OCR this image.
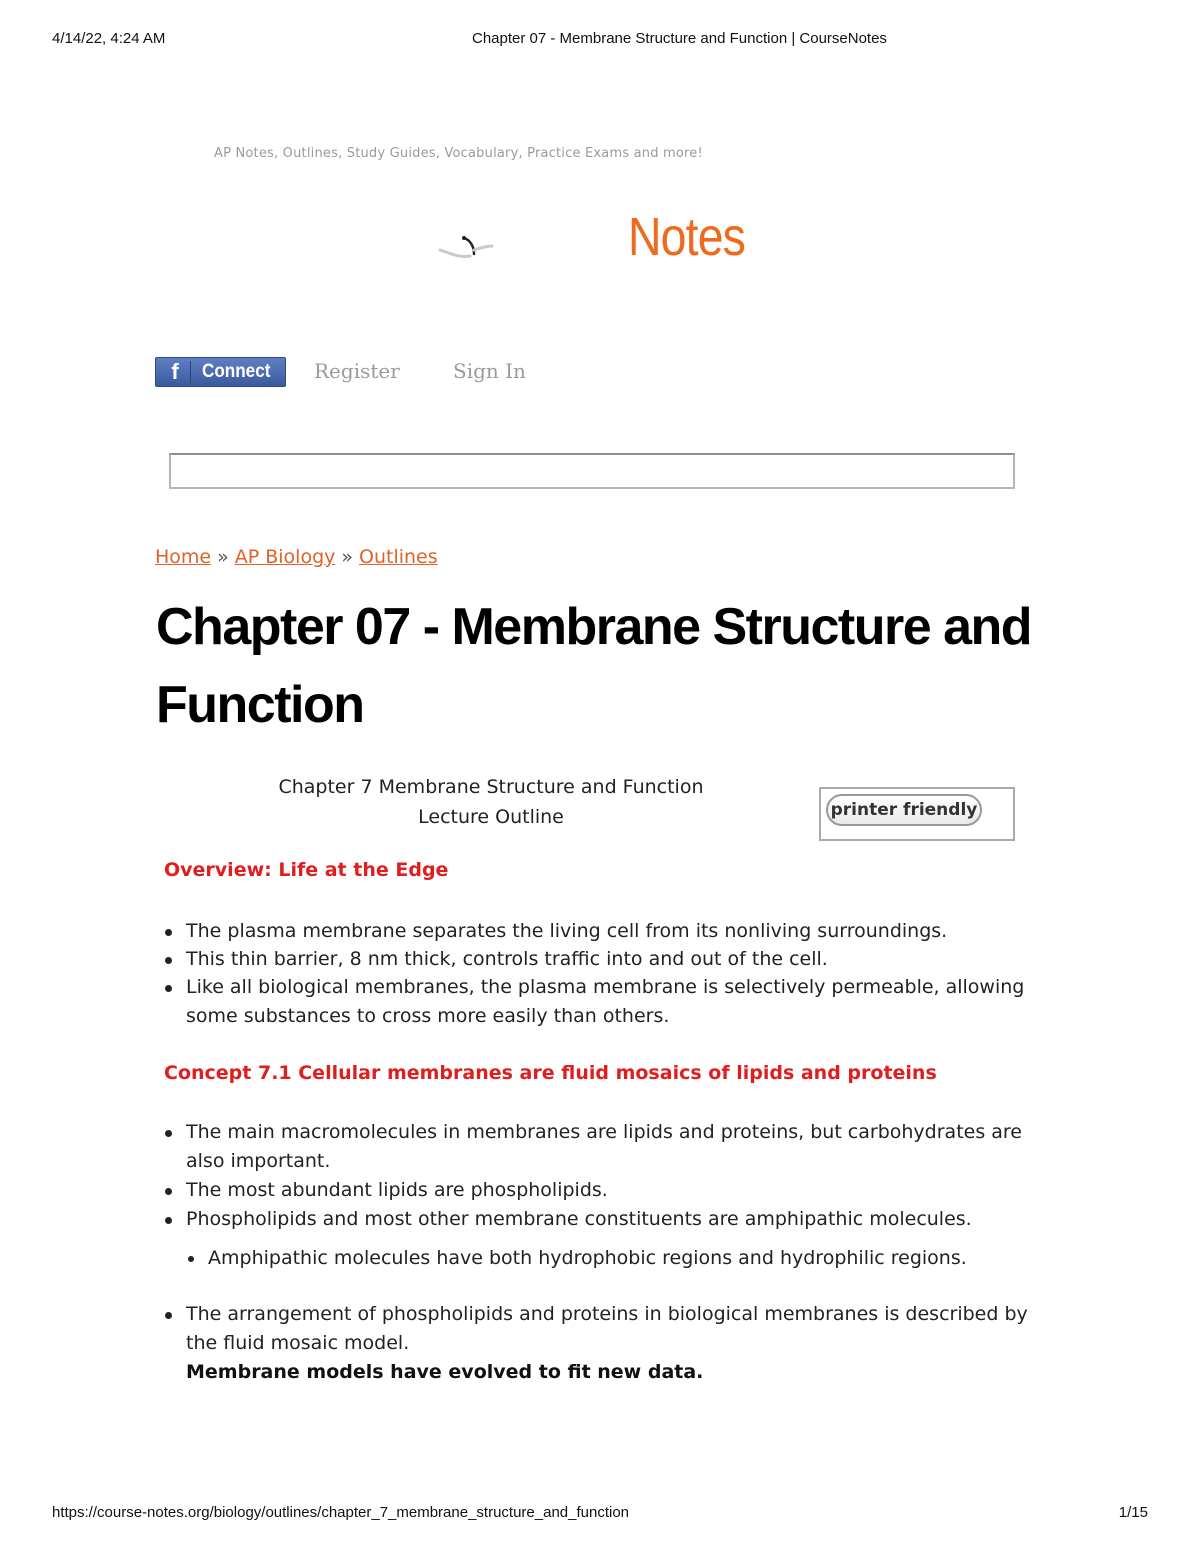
4/14/22, 4:24 AM	Chapter 07 - Membrane Structure and Function | CourseNotes
AP Notes, Outlines, Study Guides, Vocabulary, Practice Exams and more!
Notes
f	Connect Register	Sign In
Home » AP Biology » Outlines
Chapter 07 - Membrane Structure and Function
Chapter 7 Membrane Structure and Function
Lecture Outline	printer friendly
Overview: Life at the Edge
The plasma membrane separates the living cell from its nonliving surroundings.
This thin barrier, 8 nm thick, controls traffic into and out of the cell.
Like all biological membranes, the plasma membrane is selectively permeable, allowing some substances to cross more easily than others.
Concept 7.1 Cellular membranes are fluid mosaics of lipids and proteins
The main macromolecules in membranes are lipids and proteins, but carbohydrates are also important.
The most abundant lipids are phospholipids.
Phospholipids and most other membrane constituents are amphipathic molecules.
Amphipathic molecules have both hydrophobic regions and hydrophilic regions.
The arrangement of phospholipids and proteins in biological membranes is described by the fluid mosaic model.
Membrane models have evolved to fit new data.
https://course-notes.org/biology/outlines/chapter_7_membrane_structure_and_function	1/15
